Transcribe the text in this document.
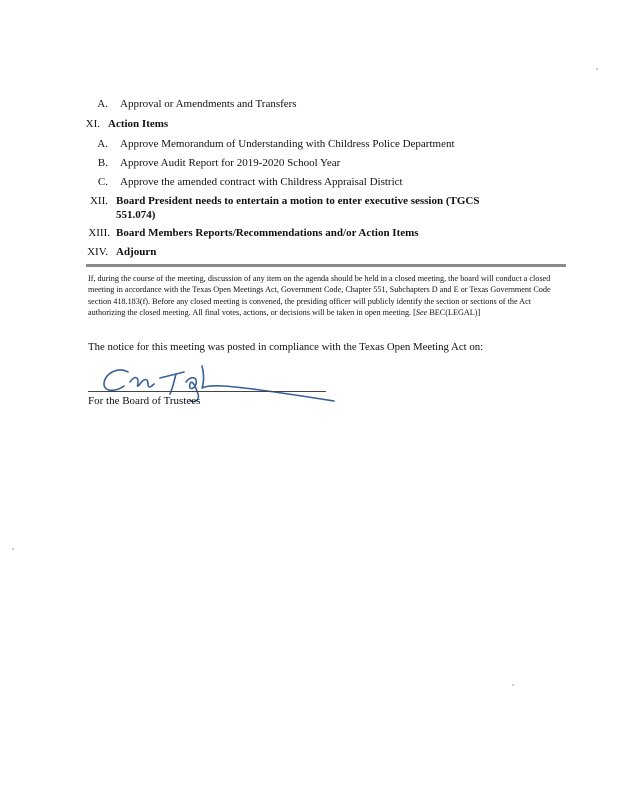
A. Approval or Amendments and Transfers
XI. Action Items
A. Approve Memorandum of Understanding with Childress Police Department
B. Approve Audit Report for 2019-2020 School Year
C. Approve the amended contract with Childress Appraisal District
XII. Board President needs to entertain a motion to enter executive session (TGCS
551.074)
XIII. Board Members Reports/Recommendations and/or Action Items
XIV. Adjourn
If, during the course of the meeting, discussion of any item on the agenda should be held in a closed meeting, the board will conduct a closed meeting in accordance with the Texas Open Meetings Act, Government Code, Chapter 551, Subchapters D and E or Texas Government Code section 418.183(f). Before any closed meeting is convened, the presiding officer will publicly identify the section or sections of the Act authorizing the closed meeting. All final votes, actions, or decisions will be taken in open meeting. [See BEC(LEGAL)]
The notice for this meeting was posted in compliance with the Texas Open Meeting Act on:
For the Board of Trustees
